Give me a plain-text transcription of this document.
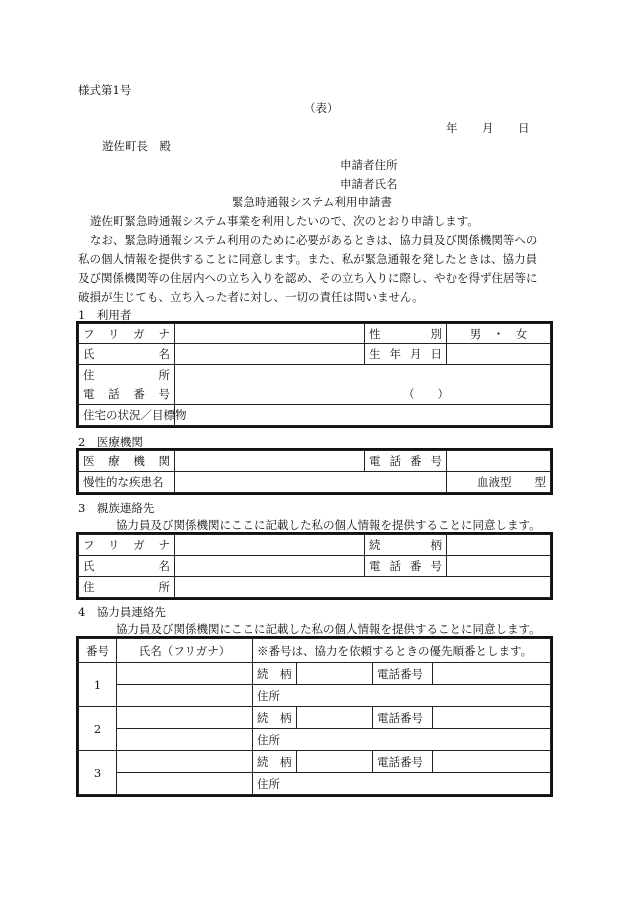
様式第1号
（表）
年 月 日
遊佐町長　殿
申請者住所
申請者氏名
緊急時通報システム利用申請書
遊佐町緊急時通報システム事業を利用したいので、次のとおり申請します。
なお、緊急時通報システム利用のために必要があるときは、協力員及び関係機関等への
私の個人情報を提供することに同意します。また、私が緊急通報を発したときは、協力員
及び関係機関等の住居内への立ち入りを認め、その立ち入りに際し、やむを得ず住居等に
破損が生じても、立ち入った者に対し、一切の責任は問いません。
1　利用者
フリガナ		性別	男　・　女
氏名		生年月日	
住所			
電話番号	（　　）		
住宅の状況／目標物			
2　医療機関
医療機関		電話番号	
慢性的な疾患名			血液型　　型
3　親族連絡先
協力員及び関係機関にここに記載した私の個人情報を提供することに同意します。
フリガナ		続柄	
氏名		電話番号	
住所			
4　協力員連絡先
協力員及び関係機関にここに記載した私の個人情報を提供することに同意します。
番号	氏名（フリガナ）	※番号は、協力を依頼するときの優先順番とします。			
1		続　柄		電話番号	
		住所			
2		続　柄		電話番号	
		住所			
3		続　柄		電話番号	
		住所			
